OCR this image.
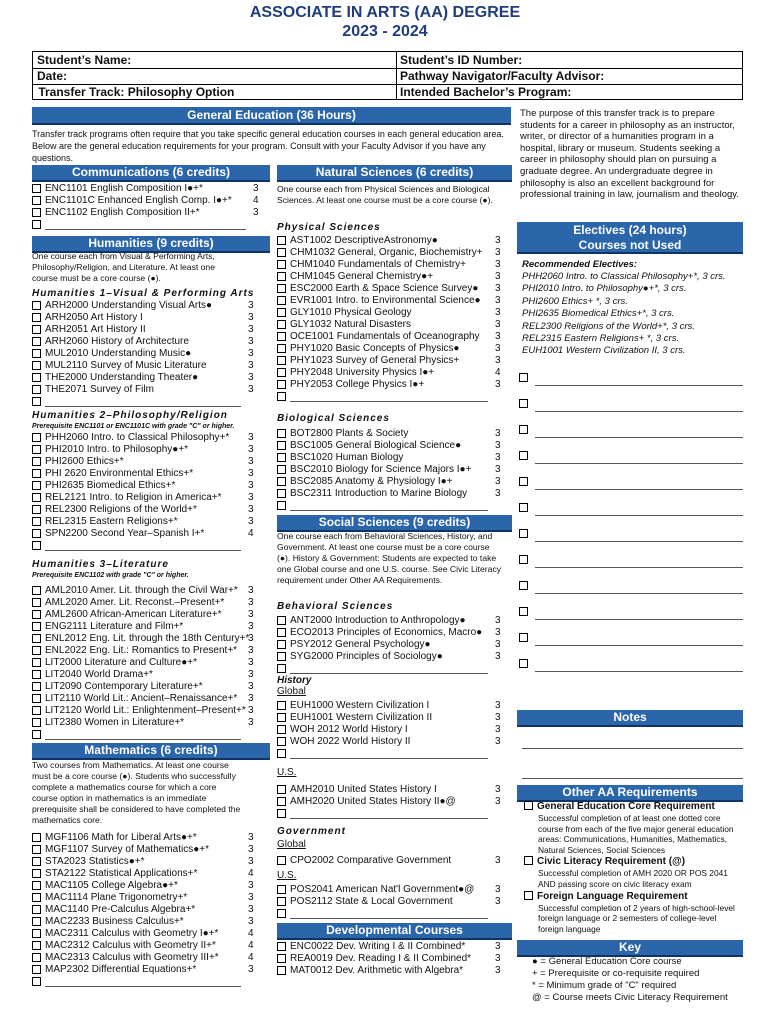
ASSOCIATE IN ARTS (AA) DEGREE
2023 - 2024
Student’s Name:	Student’s ID Number:
Date:	Pathway Navigator/Faculty Advisor:
Transfer Track: Philosophy Option	Intended Bachelor’s Program:
General Education (36 Hours)
Transfer track programs often require that you take specific general education courses in each general education area. Below are the general education requirements for your program. Consult with your Faculty Advisor if you have any questions.
The purpose of this transfer track is to prepare students for a career in philosophy as an instructor, writer, or director of a humanities program in a hospital, library or museum. Students seeking a career in philosophy should plan on pursuing a graduate degree. An undergraduate degree in philosophy is also an excellent background for professional training in law, journalism and theology.
Communications (6 credits)
ENC1101 English Composition I●+*	3
ENC1101C Enhanced English Comp. I●+* 4
ENC1102 English Composition II+*	3
Humanities (9 credits)
One course each from Visual & Performing Arts, Philosophy/Religion, and Literature. At least one course must be a core course (●).
Humanities 1–Visual & Performing Arts
ARH2000 Understanding Visual Arts●	3
ARH2050 Art History I	3
ARH2051 Art History II	3
ARH2060 History of Architecture	3
MUL2010 Understanding Music●	3
MUL2110 Survey of Music Literature	3
THE2000 Understanding Theater●	3
THE2071 Survey of Film	3
Humanities 2–Philosophy/Religion
Prerequisite ENC1101 or ENC1101C with grade "C" or higher.
PHH2060 Intro. to Classical Philosophy+* 3
PHI2010 Intro. to Philosophy●+*	3
PHI2600 Ethics+*	3
PHI 2620 Environmental Ethics+*	3
PHI2635 Biomedical Ethics+*	3
REL2121 Intro. to Religion in America+*	3
REL2300 Religions of the World+*	3
REL2315 Eastern Religions+*	3
SPN2200 Second Year–Spanish I+*	4
Humanities 3–Literature
Prerequisite ENC1102 with grade "C" or higher.
AML2010 Amer. Lit. through the Civil War+* 3
AML2020 Amer. Lit. Reconst.–Present+* 3
AML2600 African-American Literature+*	3
ENG2111 Literature and Film+*	3
ENL2012 Eng. Lit. through the 18th Century+*
3
ENL2022 Eng. Lit.: Romantics to Present+* 3
LIT2000 Literature and Culture●+*	3
LIT2040 World Drama+*	3
LIT2090 Contemporary Literature+*	3
LIT2110 World Lit.: Ancient–Renaissance+* 3
LIT2120 World Lit.: Enlightenment–Present+* 3
LIT2380 Women in Literature+*	3
Mathematics (6 credits)
Two courses from Mathematics. At least one course must be a core course (●). Students who successfully complete a mathematics course for which a core course option in mathematics is an immediate prerequisite shall be considered to have completed the mathematics core.
MGF1106 Math for Liberal Arts●+*	3
MGF1107 Survey of Mathematics●+*	3
STA2023 Statistics●+*	3
STA2122 Statistical Applications+*	4
MAC1105 College Algebra●+*	3
MAC1114 Plane Trigonometry+*	3
MAC1140 Pre-Calculus Algebra+*	3
MAC2233 Business Calculus+*	3
MAC2311 Calculus with Geometry I●+*	4
MAC2312 Calculus with Geometry II+*	4
MAC2313 Calculus with Geometry III+*	4
MAP2302 Differential Equations+*	3
Natural Sciences (6 credits)
One course each from Physical Sciences and Biological Sciences. At least one course must be a core course (●).
Physical Sciences
AST1002 DescriptiveAstronomy●	3
CHM1032 General, Organic, Biochemistry+ 3
CHM1040 Fundamentals of Chemistry+	3
CHM1045 General Chemistry●+	3
ESC2000 Earth & Space Science Survey● 3
EVR1001 Intro. to Environmental Science● 3
GLY1010 Physical Geology	3
GLY1032 Natural Disasters	3
OCE1001 Fundamentals of Oceanography 3
PHY1020 Basic Concepts of Physics●	3
PHY1023 Survey of General Physics+	3
PHY2048 University Physics I●+	4
PHY2053 College Physics I●+	3
Biological Sciences
BOT2800 Plants & Society	3
BSC1005 General Biological Science●	3
BSC1020 Human Biology	3
BSC2010 Biology for Science Majors I●+ 3
BSC2085 Anatomy & Physiology I●+	3
BSC2311 Introduction to Marine Biology	3
Social Sciences (9 credits)
One course each from Behavioral Sciences, History, and Government. At least one course must be a core course (●). History & Government: Students are expected to take one Global course and one U.S. course. See Civic Literacy requirement under Other AA Requirements.
Behavioral Sciences
ANT2000 Introduction to Anthropology●	3
ECO2013 Principles of Economics, Macro● 3
PSY2012 General Psychology●	3
SYG2000 Principles of Sociology●	3
History
Global
EUH1000 Western Civilization I	3
EUH1001 Western Civilization II	3
WOH 2012 World History I	3
WOH 2022 World History II	3
U.S.
AMH2010 United States History I	3
AMH2020 United States History II●@	3
Government
Global
CPO2002 Comparative Government	3
U.S.
POS2041 American Nat'l Government●@ 3
POS2112 State & Local Government	3
Developmental Courses
ENC0022 Dev. Writing I & II Combined*	3
REA0019 Dev. Reading I & II Combined* 3
MAT0012 Dev. Arithmetic with Algebra*	3
Electives (24 hours)
Courses not Used
Recommended Electives:
PHH2060 Intro. to Classical Philosophy+*, 3 crs.
PHI2010 Intro. to Philosophy●+*, 3 crs.
PHI2600 Ethics+ *, 3 crs.
PHI2635 Biomedical Ethics+*, 3 crs.
REL2300 Religions of the World+*, 3 crs.
REL2315 Eastern Religions+ *, 3 crs.
EUH1001 Western Civilization II, 3 crs.
Notes
Other AA Requirements
General Education Core Requirement
Successful completion of at least one dotted core course from each of the five major general education areas: Communications, Humanities, Mathematics, Natural Sciences, Social Sciences
Civic Literacy Requirement (@)
Successful completion of AMH 2020 OR POS 2041 AND passing score on civic literacy exam
Foreign Language Requirement
Successful completion of 2 years of high-school-level foreign language or 2 semesters of college-level foreign language
Key
● = General Education Core course
+ = Prerequisite or co-requisite required
* = Minimum grade of "C" required
@ = Course meets Civic Literacy Requirement
